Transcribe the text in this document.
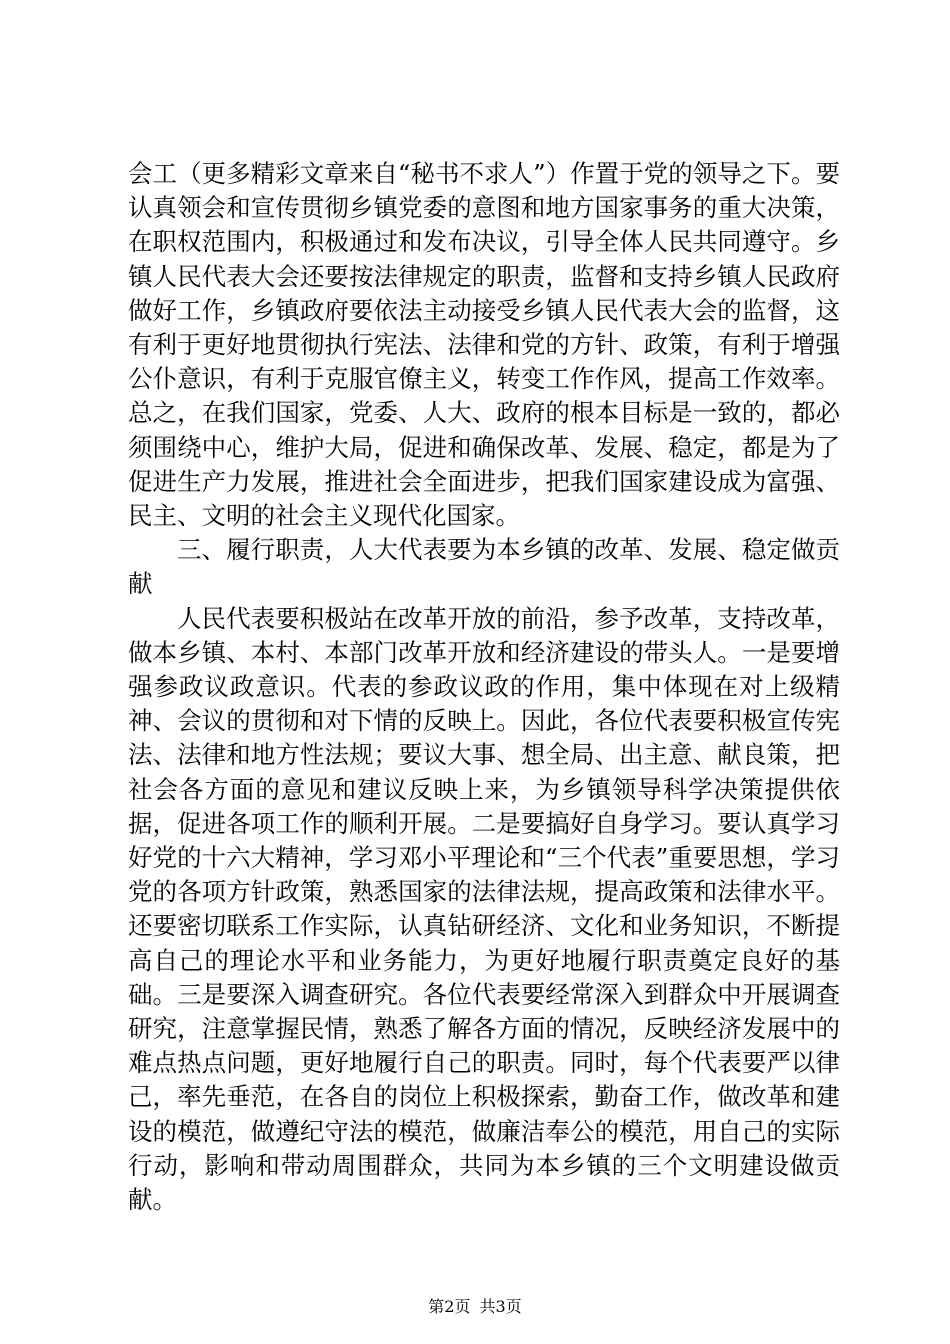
会工（更多精彩文章来自“秘书不求人”）作置于党的领导之下。要认真领会和宣传贯彻乡镇党委的意图和地方国家事务的重大决策，在职权范围内，积极通过和发布决议，引导全体人民共同遵守。乡镇人民代表大会还要按法律规定的职责，监督和支持乡镇人民政府做好工作，乡镇政府要依法主动接受乡镇人民代表大会的监督，这有利于更好地贯彻执行宪法、法律和党的方针、政策，有利于增强公仆意识，有利于克服官僚主义，转变工作作风，提高工作效率。总之，在我们国家，党委、人大、政府的根本目标是一致的，都必须围绕中心，维护大局，促进和确保改革、发展、稳定，都是为了促进生产力发展，推进社会全面进步，把我们国家建设成为富强、民主、文明的社会主义现代化国家。

三、履行职责，人大代表要为本乡镇的改革、发展、稳定做贡献

人民代表要积极站在改革开放的前沿，参予改革，支持改革，做本乡镇、本村、本部门改革开放和经济建设的带头人。一是要增强参政议政意识。代表的参政议政的作用，集中体现在对上级精神、会议的贯彻和对下情的反映上。因此，各位代表要积极宣传宪法、法律和地方性法规；要议大事、想全局、出主意、献良策，把社会各方面的意见和建议反映上来，为乡镇领导科学决策提供依据，促进各项工作的顺利开展。二是要搞好自身学习。要认真学习好党的十六大精神，学习邓小平理论和“三个代表”重要思想，学习党的各项方针政策，熟悉国家的法律法规，提高政策和法律水平。还要密切联系工作实际，认真钻研经济、文化和业务知识，不断提高自己的理论水平和业务能力，为更好地履行职责奠定良好的基础。三是要深入调查研究。各位代表要经常深入到群众中开展调查研究，注意掌握民情，熟悉了解各方面的情况，反映经济发展中的难点热点问题，更好地履行自己的职责。同时，每个代表要严以律己，率先垂范，在各自的岗位上积极探索，勤奋工作，做改革和建设的模范，做遵纪守法的模范，做廉洁奉公的模范，用自己的实际行动，影响和带动周围群众，共同为本乡镇的三个文明建设做贡献。

第2页 共3页
